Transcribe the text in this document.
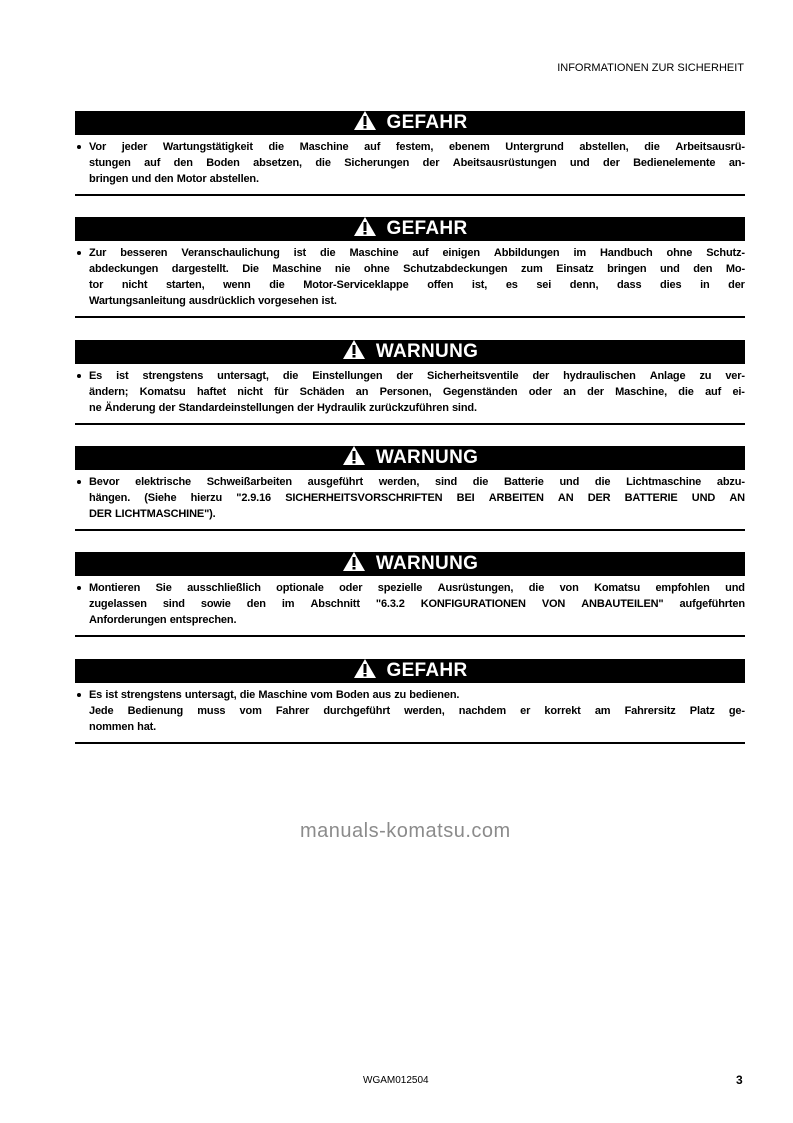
INFORMATIONEN ZUR SICHERHEIT
GEFAHR
Vor jeder Wartungstätigkeit die Maschine auf festem, ebenem Untergrund abstellen, die Arbeitsausrü-
stungen auf den Boden absetzen, die Sicherungen der Abeitsausrüstungen und der Bedienelemente an-
bringen und den Motor abstellen.
GEFAHR
Zur besseren Veranschaulichung ist die Maschine auf einigen Abbildungen im Handbuch ohne Schutz-
abdeckungen dargestellt. Die Maschine nie ohne Schutzabdeckungen zum Einsatz bringen und den Mo-
tor nicht starten, wenn die Motor-Serviceklappe offen ist, es sei denn, dass dies in der
Wartungsanleitung ausdrücklich vorgesehen ist.
WARNUNG
Es ist strengstens untersagt, die Einstellungen der Sicherheitsventile der hydraulischen Anlage zu ver-
ändern; Komatsu haftet nicht für Schäden an Personen, Gegenständen oder an der Maschine, die auf ei-
ne Änderung der Standardeinstellungen der Hydraulik zurückzuführen sind.
WARNUNG
Bevor elektrische Schweißarbeiten ausgeführt werden, sind die Batterie und die Lichtmaschine abzu-
hängen. (Siehe hierzu "2.9.16 SICHERHEITSVORSCHRIFTEN BEI ARBEITEN AN DER BATTERIE UND AN
DER LICHTMASCHINE").
WARNUNG
Montieren Sie ausschließlich optionale oder spezielle Ausrüstungen, die von Komatsu empfohlen und
zugelassen sind sowie den im Abschnitt "6.3.2 KONFIGURATIONEN VON ANBAUTEILEN" aufgeführten
Anforderungen entsprechen.
GEFAHR
Es ist strengstens untersagt, die Maschine vom Boden aus zu bedienen.
Jede Bedienung muss vom Fahrer durchgeführt werden, nachdem er korrekt am Fahrersitz Platz ge-
nommen hat.
manuals-komatsu.com
WGAM012504	3
